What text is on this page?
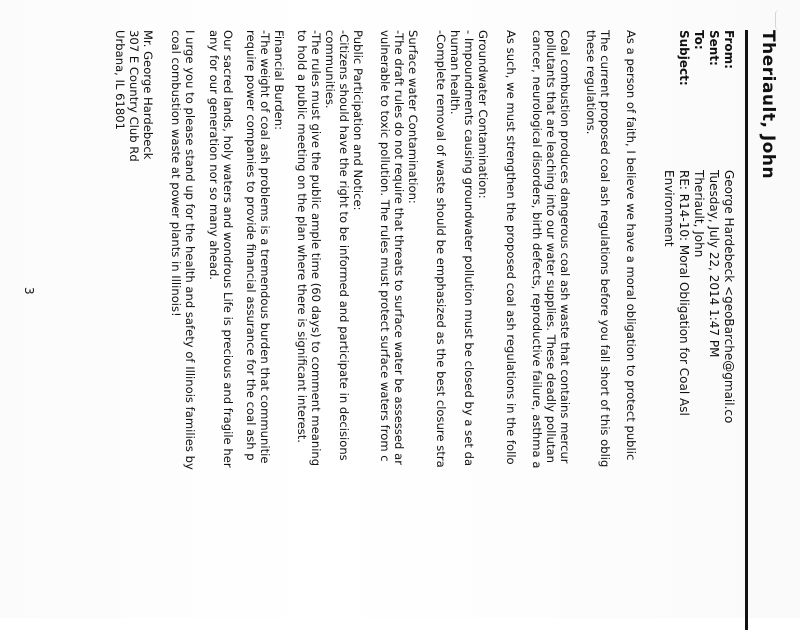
Theriault, John
From:
George Hardebeck <geoBarche@gmail.co
Sent:
Tuesday, July 22, 2014 1:47 PM
To:
Theriault, John
Subject:
RE: R14-10: Moral Obligation for Coal Asl
Environment
As a person of faith, I believe we have a moral obligation to protect public
The current proposed coal ash regulations before you fall short of this oblig
these regulations.
Coal combustion produces dangerous coal ash waste that contains mercur
pollutants that are leaching into our water supplies. These deadly pollutan
cancer, neurological disorders, birth defects, reproductive failure, asthma a
As such, we must strengthen the proposed coal ash regulations in the follo
Groundwater Contamination:
- Impoundments causing groundwater pollution must be closed by a set da
human health.
-Complete removal of waste should be emphasized as the best closure stra
Surface water Contamination:
-The draft rules do not require that threats to surface water be assessed ar
vulnerable to toxic pollution. The rules must protect surface waters from c
Public Participation and Notice:
-Citizens should have the right to be informed and participate in decisions
communities.
-The rules must give the public ample time (60 days) to comment meaning
to hold a public meeting on the plan where there is significant interest.
Financial Burden:
-The weight of coal ash problems is a tremendous burden that communitie
require power companies to provide financial assurance for the coal ash p
Our sacred lands, holy waters and wondrous Life is precious and fragile her
any for our generation nor so many ahead.
I urge you to please stand up for the health and safety of Illinois families by
coal combustion waste at power plants in Illinois!
Mr. George Hardebeck
307 E Country Club Rd
Urbana, IL 61801
3
